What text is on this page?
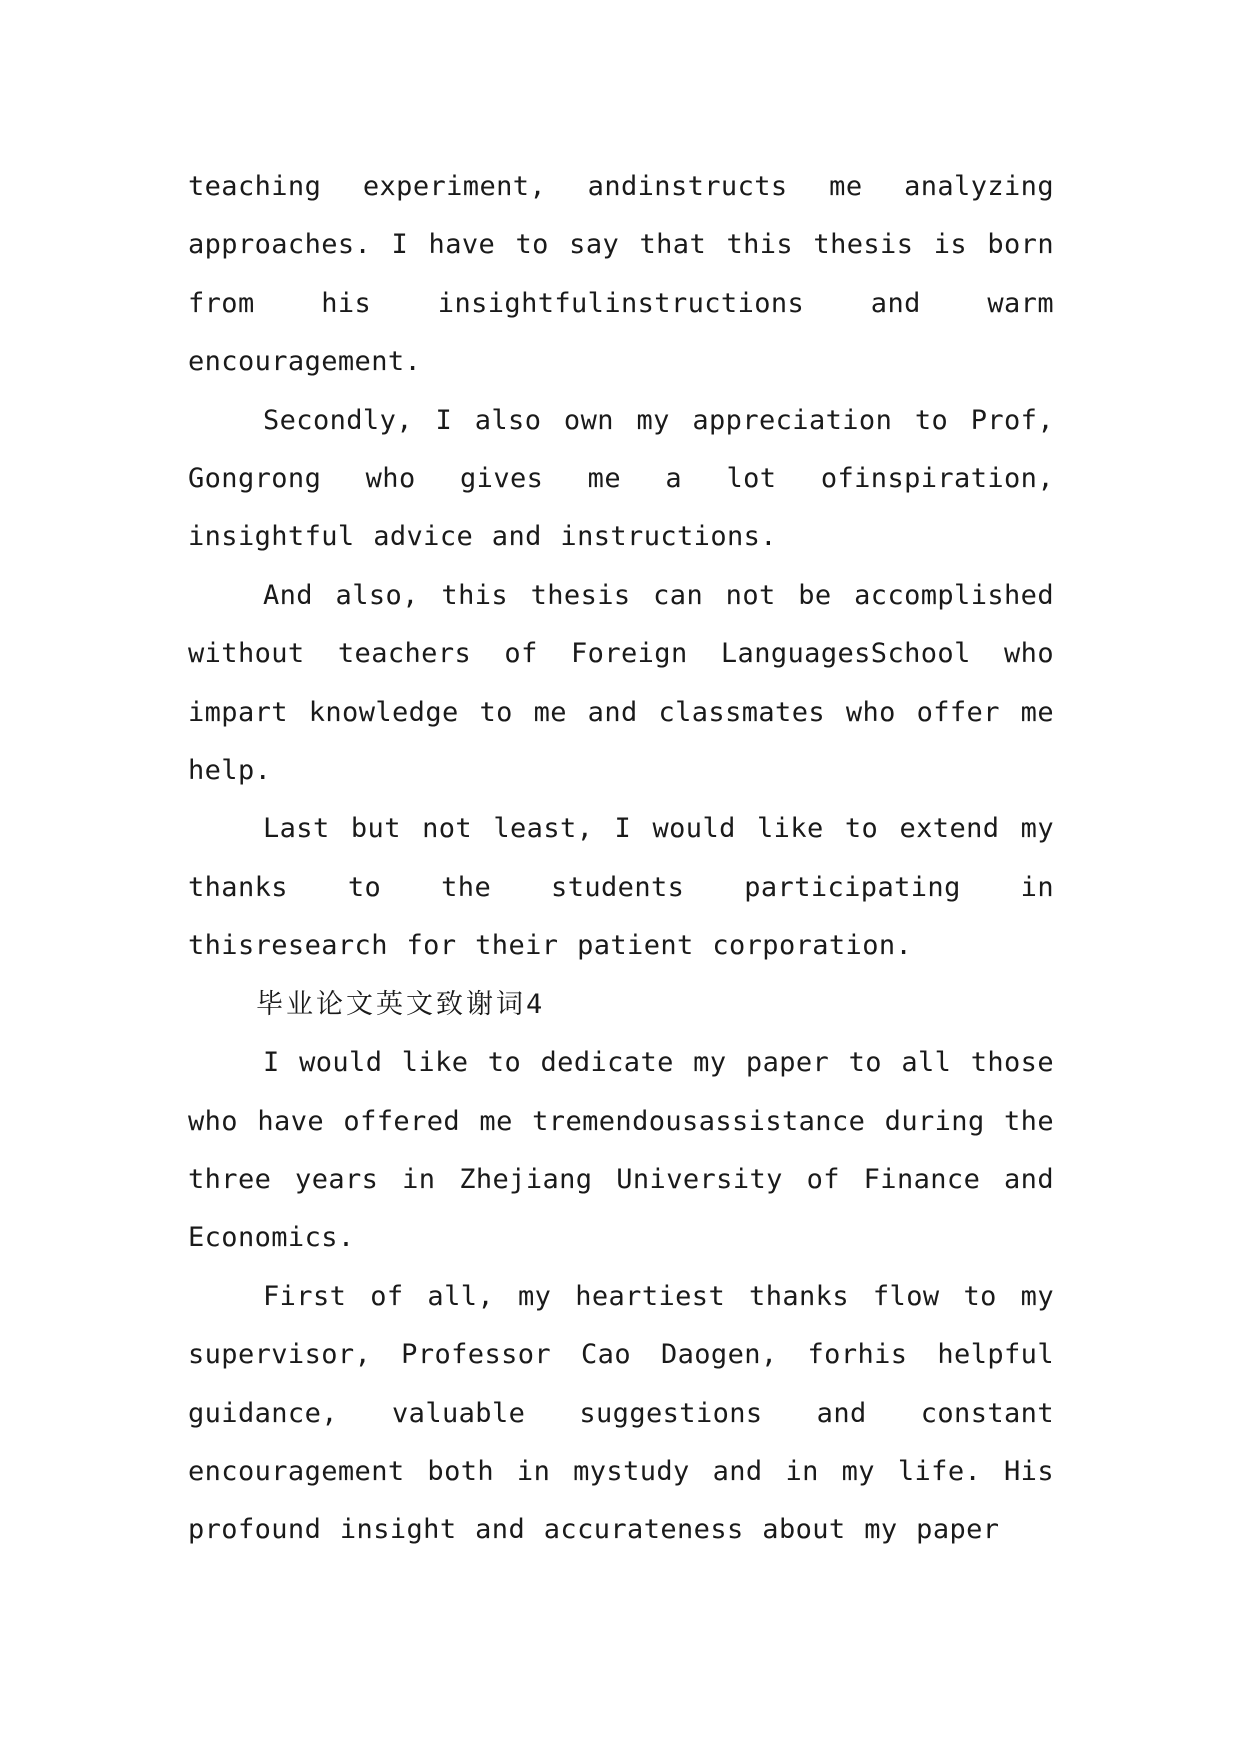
teaching experiment, andinstructs me analyzing approaches. I have to say that this thesis is born from his insightfulinstructions and warm encouragement.

Secondly, I also own my appreciation to Prof, Gongrong who gives me a lot ofinspiration, insightful advice and instructions.

And also, this thesis can not be accomplished without teachers of Foreign LanguagesSchool who impart knowledge to me and classmates who offer me help.

Last but not least, I would like to extend my thanks to the students participating in thisresearch for their patient corporation.

毕业论文英文致谢词4

I would like to dedicate my paper to all those who have offered me tremendousassistance during the three years in Zhejiang University of Finance and Economics.

First of all, my heartiest thanks flow to my supervisor, Professor Cao Daogen, forhis helpful guidance, valuable suggestions and constant encouragement both in mystudy and in my life. His profound insight and accurateness about my paper
